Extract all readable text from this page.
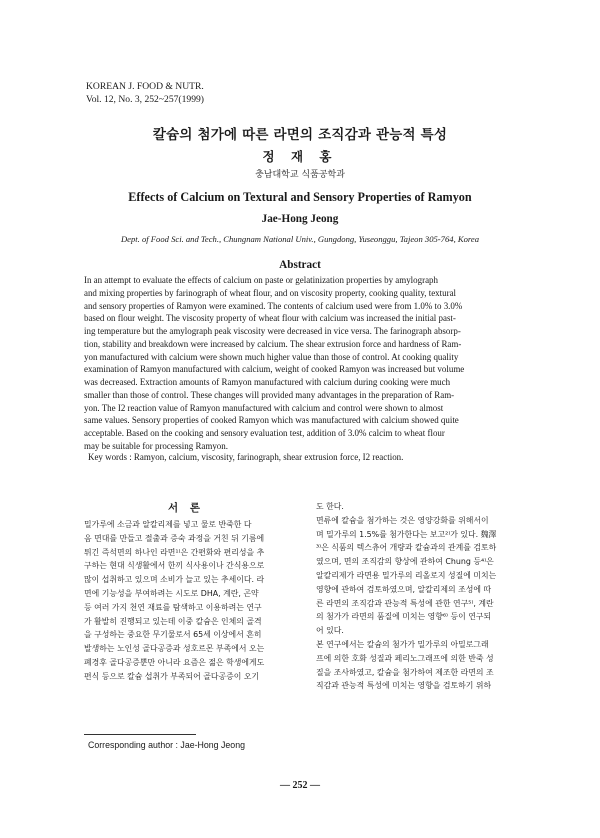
KOREAN J. FOOD & NUTR.
Vol. 12, No. 3, 252~257(1999)
칼슘의 첨가에 따른 라면의 조직감과 관능적 특성
정 재 홍
충남대학교 식품공학과
Effects of Calcium on Textural and Sensory Properties of Ramyon
Jae-Hong Jeong
Dept. of Food Sci. and Tech., Chungnam National Univ., Gungdong, Yuseonggu, Tajeon 305-764, Korea
Abstract
In an attempt to evaluate the effects of calcium on paste or gelatinization properties by amylograph
and mixing properties by farinograph of wheat flour, and on viscosity property, cooking quality, textural
and sensory properties of Ramyon were examined. The contents of calcium used were from 1.0% to 3.0%
based on flour weight. The viscosity property of wheat flour with calcium was increased the initial past-
ing temperature but the amylograph peak viscosity were decreased in vice versa. The farinograph absorp-
tion, stability and breakdown were increased by calcium. The shear extrusion force and hardness of Ram-
yon manufactured with calcium were shown much higher value than those of control. At cooking quality
examination of Ramyon manufactured with calcium, weight of cooked Ramyon was increased but volume
was decreased. Extraction amounts of Ramyon manufactured with calcium during cooking were much
smaller than those of control. These changes will provided many advantages in the preparation of Ram-
yon. The I2 reaction value of Ramyon manufactured with calcium and control were shown to almost
same values. Sensory properties of cooked Ramyon which was manufactured with calcium showed quite
acceptable. Based on the cooking and sensory evaluation test, addition of 3.0% calcim to wheat flour
may be suitable for processing Ramyon.
Key words : Ramyon, calcium, viscosity, farinograph, shear extrusion force, I2 reaction.
서 론
밀가루에 소금과 알칼리제를 넣고 물로 반죽한 다
음 면대를 만들고 절출과 증숙 과정을 거친 뒤 기름에
튀긴 즉석면의 하나인 라면¹⁾은 간편화와 편리성을 추
구하는 현대 식생활에서 한끼 식사용이나 간식용으로
많이 섭취하고 있으며 소비가 늘고 있는 추세이다. 라
면에 기능성을 부여하려는 시도로 DHA, 계란, 곤약
등 여러 가지 천연 재료를 탐색하고 이용하려는 연구
가 활발히 진행되고 있는데 이중 칼슘은 인체의 골격
을 구성하는 중요한 무기물로서 65세 이상에서 흔히
발생하는 노인성 골다공증과 성호르몬 부족에서 오는
폐경후 골다공증뿐만 아니라 요즘은 젊은 학생에게도
편식 등으로 칼슘 섭취가 부족되어 골다공증이 오기
도 한다.
면류에 칼슘을 첨가하는 것은 영양강화를 위해서이
며 밀가루의 1.5%를 첨가한다는 보고²⁾가 있다. 魏澤
³⁾은 식품의 텍스츄어 개량과 칼슘과의 관계를 검토하
였으며, 면의 조직감의 향상에 관하여 Chung 등⁴⁾은
알칼리제가 라면용 밀가루의 리올로지 성질에 미치는
영향에 관하여 검토하였으며, 알칼리제의 조성에 따
른 라면의 조직감과 관능적 특성에 관한 연구⁵⁾, 계란
의 첨가가 라면의 품질에 미치는 영향⁶⁾ 등이 연구되
어 있다.
본 연구에서는 칼슘의 첨가가 밀가루의 아밀로그래
프에 의한 호화 성질과 페리노그래프에 의한 반죽 성
질을 조사하였고, 칼슘을 첨가하여 제조한 라면의 조
직감과 관능적 특성에 미치는 영향을 검토하기 위하
Corresponding author : Jae-Hong Jeong
— 252 —
